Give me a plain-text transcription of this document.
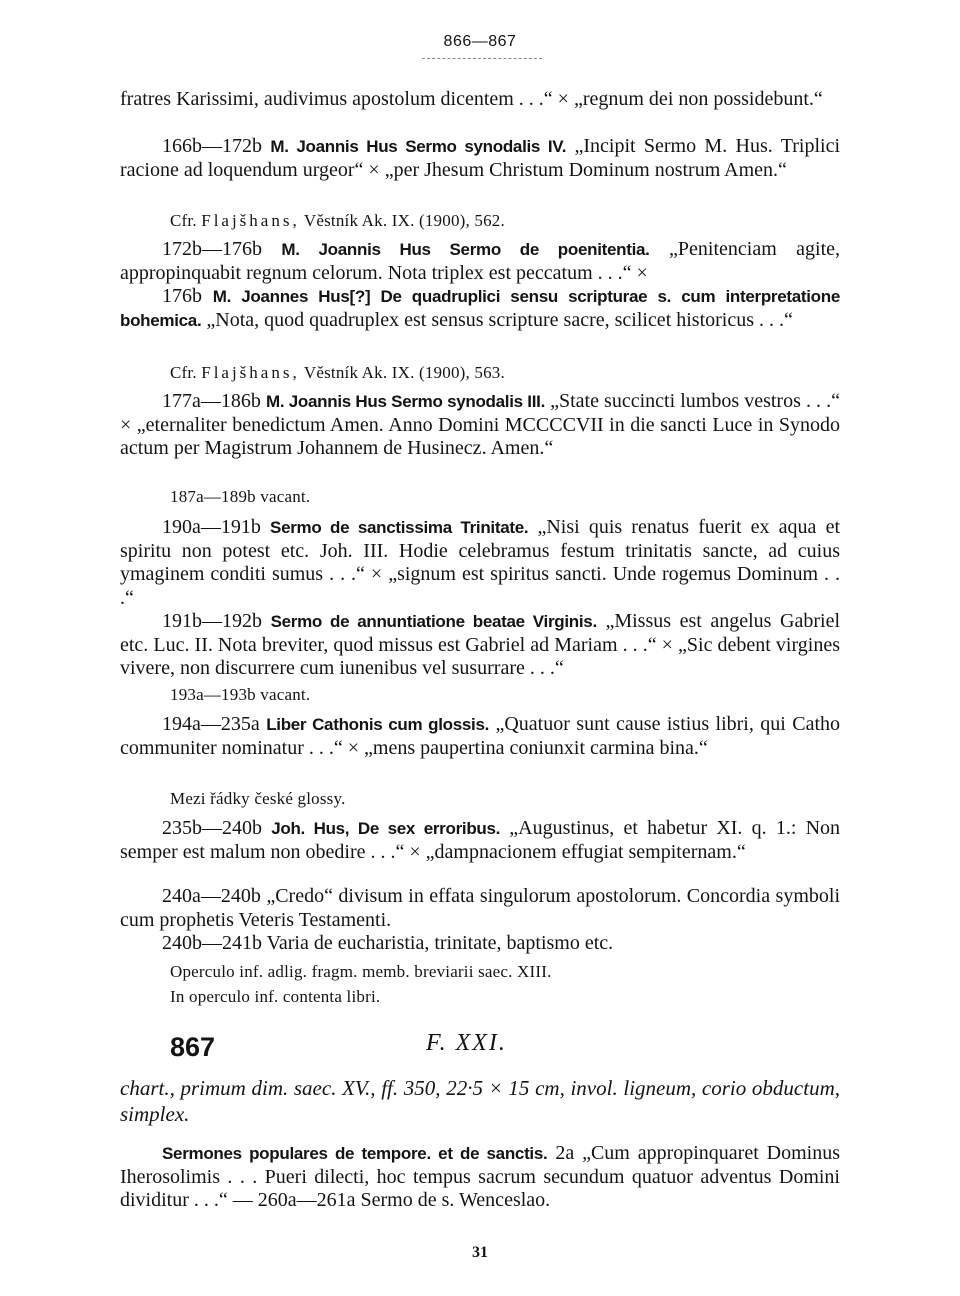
866—867
fratres Karissimi, audivimus apostolum dicentem . . .“ × „regnum dei non possidebunt.“
166b—172b M. Joannis Hus Sermo synodalis IV. „Incipit Sermo M. Hus. Triplici racione ad loquendum urgeor“ × „per Jhesum Christum Dominum nostrum Amen.“
Cfr. Flajšhans, Věstník Ak. IX. (1900), 562.
172b—176b M. Joannis Hus Sermo de poenitentia. „Penitenciam agite, appropinquabit regnum celorum. Nota triplex est peccatum . . .“ ×
176b M. Joannes Hus[?] De quadruplici sensu scripturae s. cum interpretatione bohemica. „Nota, quod quadruplex est sensus scripture sacre, scilicet historicus . . .“
Cfr. Flajšhans, Věstník Ak. IX. (1900), 563.
177a—186b M. Joannis Hus Sermo synodalis III. „State succincti lumbos vestros . . .“ × „eternaliter benedictum Amen. Anno Domini MCCCCVII in die sancti Luce in Synodo actum per Magistrum Johannem de Husinecz. Amen.“
187a—189b vacant.
190a—191b Sermo de sanctissima Trinitate. „Nisi quis renatus fuerit ex aqua et spiritu non potest etc. Joh. III. Hodie celebramus festum trinitatis sancte, ad cuius ymaginem conditi sumus . . .“ × „signum est spiritus sancti. Unde rogemus Dominum . . .“
191b—192b Sermo de annuntiatione beatae Virginis. „Missus est angelus Gabriel etc. Luc. II. Nota breviter, quod missus est Gabriel ad Mariam . . .“ × „Sic debent virgines vivere, non discurrere cum iunenibus vel susurrare . . .“
193a—193b vacant.
194a—235a Liber Cathonis cum glossis. „Quatuor sunt cause istius libri, qui Catho communiter nominatur . . .“ × „mens paupertina coniunxit carmina bina.“
Mezi řádky české glossy.
235b—240b Joh. Hus, De sex erroribus. „Augustinus, et habetur XI. q. 1.: Non semper est malum non obedire . . .“ × „dampnacionem effugiat sempiternam.“
240a—240b „Credo“ divisum in effata singulorum apostolorum. Concordia symboli cum prophetis Veteris Testamenti.
240b—241b Varia de eucharistia, trinitate, baptismo etc.
Operculo inf. adlig. fragm. memb. breviarii saec. XIII.
In operculo inf. contenta libri.
867	F. XXI.
chart., primum dim. saec. XV., ff. 350, 22·5 × 15 cm, invol. ligneum, corio obductum, simplex.
Sermones populares de tempore. et de sanctis. 2a „Cum appropinquaret Dominus Iherosolimis . . . Pueri dilecti, hoc tempus sacrum secundum quatuor adventus Domini dividitur . . .“ — 260a—261a Sermo de s. Wenceslao.
31
